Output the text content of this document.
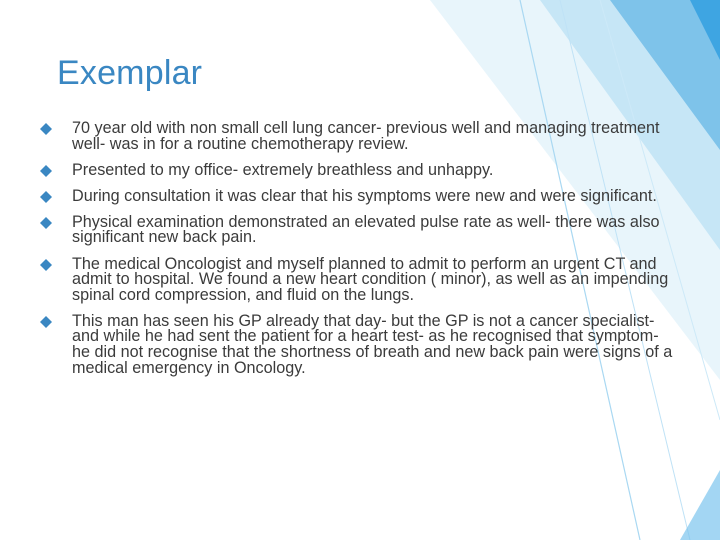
Exemplar
70 year old with non small cell lung cancer- previous well and managing treatment well- was in for a routine chemotherapy review.
Presented to my office- extremely breathless and unhappy.
During consultation it was clear that his symptoms were new and were significant.
Physical examination demonstrated an elevated pulse rate as well- there was also significant new back pain.
The medical Oncologist and myself planned to admit to perform an urgent CT and admit to hospital. We found a new heart condition ( minor), as well as an impending spinal cord compression, and fluid on the lungs.
This man has seen his GP already that day- but the GP is not a cancer specialist- and while he had sent the patient for a heart test- as he recognised that symptom- he did not recognise that the shortness of breath and new back pain were signs of a medical emergency in Oncology.
